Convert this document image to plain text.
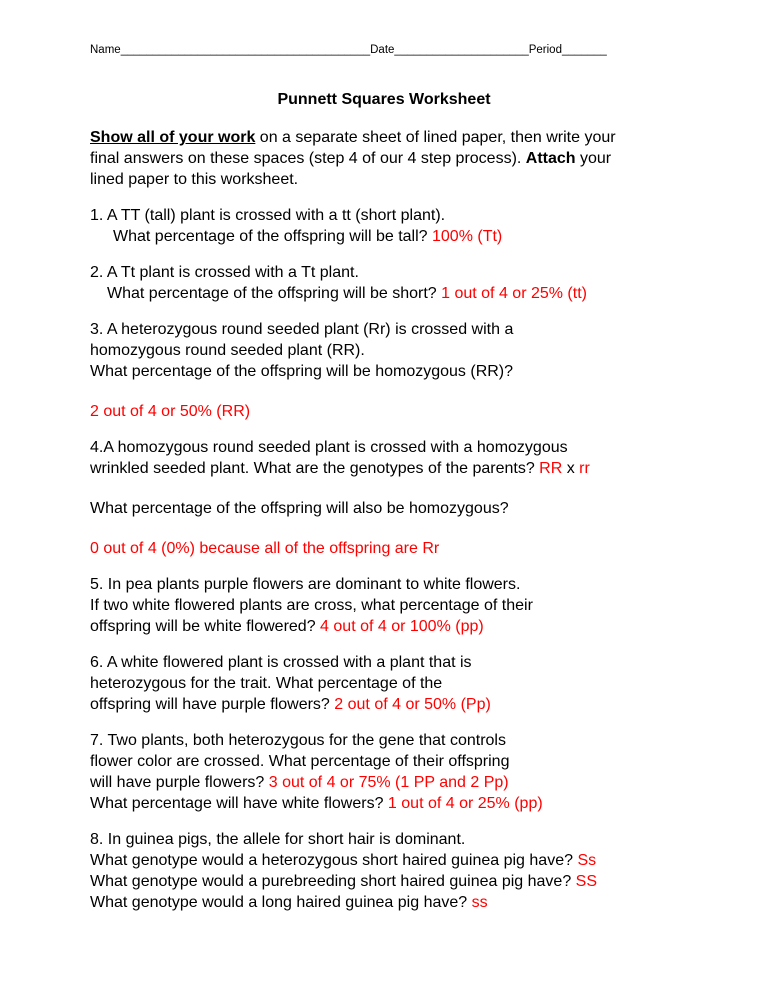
Name_______________________________________Date_____________________Period_______
Punnett Squares Worksheet

Show all of your work on a separate sheet of lined paper, then write your

final answers on these spaces (step 4 of our 4 step process). Attach your

lined paper to this worksheet.

1. A TT (tall) plant is crossed with a tt (short plant).

What percentage of the offspring will be tall? 100% (Tt)

2. A Tt plant is crossed with a Tt plant.

What percentage of the offspring will be short? 1 out of 4 or 25% (tt)

3. A heterozygous round seeded plant (Rr) is crossed with a

homozygous round seeded plant (RR).

What percentage of the offspring will be homozygous (RR)?

2 out of 4 or 50% (RR)

4.A homozygous round seeded plant is crossed with a homozygous

wrinkled seeded plant. What are the genotypes of the parents? RR x rr

What percentage of the offspring will also be homozygous?

0 out of 4 (0%) because all of the offspring are Rr

5. In pea plants purple flowers are dominant to white flowers.

If two white flowered plants are cross, what percentage of their

offspring will be white flowered? 4 out of 4 or 100% (pp)

6. A white flowered plant is crossed with a plant that is

heterozygous for the trait. What percentage of the

offspring will have purple flowers? 2 out of 4 or 50% (Pp)

7. Two plants, both heterozygous for the gene that controls

flower color are crossed. What percentage of their offspring

will have purple flowers? 3 out of 4 or 75% (1 PP and 2 Pp)

What percentage will have white flowers? 1 out of 4 or 25% (pp)

8. In guinea pigs, the allele for short hair is dominant.

What genotype would a heterozygous short haired guinea pig have? Ss

What genotype would a purebreeding short haired guinea pig have? SS

What genotype would a long haired guinea pig have? ss
